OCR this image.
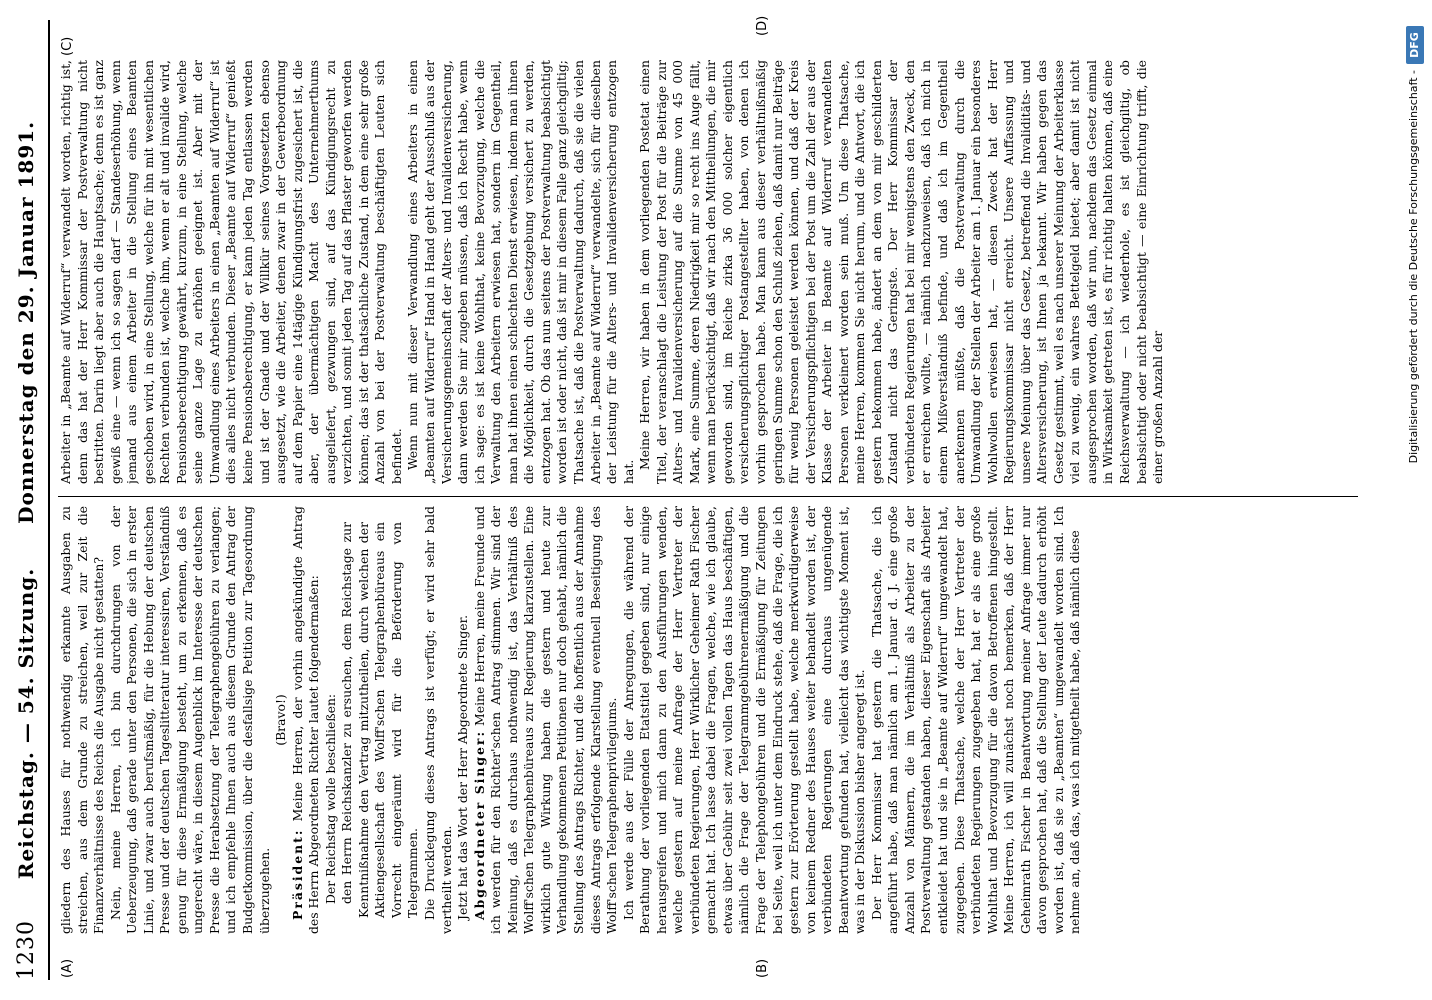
1230
Reichstag. — 54. Sitzung.   Donnerstag den 29. Januar 1891.
(A)	(B)
(C)
(D)

gliedern des Hauses für nothwendig erkannte Ausgaben zu streichen, aus dem Grunde zu streichen, weil zur Zeit die Finanzverhältnisse des Reichs die Ausgabe nicht gestatten? Nein, meine Herren, ich bin durchdrungen von der Ueberzeugung, daß gerade unter den Personen, die sich in erster Linie, und zwar auch berufsmäßig, für die Hebung der deutschen Presse und der deutschen Tageslitteratur interessiren, Verständniß genug für diese Ermäßigung besteht, um zu erkennen, daß es ungerecht wäre, in diesem Augenblick im Interesse der deutschen Presse die Herabsetzung der Telegraphengebühren zu verlangen; und ich empfehle Ihnen auch aus diesem Grunde den Antrag der Budgetkommission, über die desfallsige Petition zur Tagesordnung überzugehen.

(Bravo!)

Präsident: Meine Herren, der vorhin angekündigte Antrag des Herrn Abgeordneten Richter lautet folgendermaßen: Der Reichstag wolle beschließen: den Herrn Reichskanzler zu ersuchen, dem Reichstage zur Kenntnißnahme den Vertrag mitzutheilen, durch welchen der Aktiengesellschaft des Wolff'schen Telegraphenbüreaus ein Vorrecht eingeräumt wird für die Beförderung von Telegrammen. Die Drucklegung dieses Antrags ist verfügt; er wird sehr bald vertheilt werden. Jetzt hat das Wort der Herr Abgeordnete Singer. Abgeordneter Singer: Meine Herren, meine Freunde und ich werden für den Richter'schen Antrag stimmen. Wir sind der Meinung, daß es durchaus nothwendig ist, das Verhältniß des Wolff'schen Telegraphenbüreaus zur Regierung klarzustellen. Eine wirklich gute Wirkung haben die gestern und heute zur Verhandlung gekommenen Petitionen nur doch gehabt, nämlich die Stellung des Antrags Richter, und die hoffentlich aus der Annahme dieses Antrags erfolgende Klarstellung eventuell Beseitigung des Wolff'schen Telegraphenprivilegiums. Ich werde aus der Fülle der Anregungen, die während der Berathung der vorliegenden Etatstitel gegeben sind, nur einige herausgreifen und mich dann zu den Ausführungen wenden, welche gestern auf meine Anfrage der Herr Vertreter der verbündeten Regierungen, Herr Wirklicher Geheimer Rath Fischer gemacht hat. Ich lasse dabei die Fragen, welche, wie ich glaube, etwas über Gebühr seit zwei vollen Tagen das Haus beschäftigen, nämlich die Frage der Telegrammgebührenermäßigung und die Frage der Telephongebühren und die Ermäßigung für Zeitungen bei Seite, weil ich unter dem Eindruck stehe, daß die Frage, die ich gestern zur Erörterung gestellt habe, welche merkwürdigerweise von keinem Redner des Hauses weiter behandelt worden ist, der verbündeten Regierungen eine durchaus ungenügende Beantwortung gefunden hat, vielleicht das wichtigste Moment ist, was in der Diskussion bisher angeregt ist. Der Herr Kommissar hat gestern die Thatsache, die ich angeführt habe, daß man nämlich am 1. Januar d. J. eine große Anzahl von Männern, die im Verhältniß als Arbeiter zu der Postverwaltung gestanden haben, dieser Eigenschaft als Arbeiter entkleidet hat und sie in „Beamte auf Widerruf“ umgewandelt hat, zugegeben. Diese Thatsache, welche der Herr Vertreter der verbündeten Regierungen zugegeben hat, hat er als eine große Wohlthat und Bevorzugung für die davon Betroffenen hingestellt. Meine Herren, ich will zunächst noch bemerken, daß der Herr Geheimrath Fischer in Beantwortung meiner Anfrage immer nur davon gesprochen hat, daß die Stellung der Leute dadurch erhöht worden ist, daß sie zu „Beamten“ umgewandelt worden sind. Ich nehme an, daß das, was ich mitgetheilt habe, daß nämlich diese

Arbeiter in „Beamte auf Widerruf“ verwandelt worden, richtig ist, denn das hat der Herr Kommissar der Postverwaltung nicht bestritten. Darin liegt aber auch die Hauptsache; denn es ist ganz gewiß eine — wenn ich so sagen darf — Standeserhöhung, wenn jemand aus einem Arbeiter in die Stellung eines Beamten geschoben wird, in eine Stellung, welche für ihn mit wesentlichen Rechten verbunden ist, welche ihm, wenn er alt und invalide wird, Pensionsberechtigung gewährt, kurzum, in eine Stellung, welche seine ganze Lage zu erhöhen geeignet ist. Aber mit der Umwandlung eines Arbeiters in einen „Beamten auf Widerruf“ ist dies alles nicht verbunden. Dieser „Beamte auf Widerruf“ genießt keine Pensionsberechtigung, er kann jeden Tag entlassen werden und ist der Gnade und der Willkür seines Vorgesetzten ebenso ausgesetzt, wie die Arbeiter, denen zwar in der Gewerbeordnung auf dem Papier eine 14tägige Kündigungsfrist zugesichert ist, die aber, der übermächtigen Macht des Unternehmerthums ausgeliefert, gezwungen sind, auf das Kündigungsrecht zu verzichten, und somit jeden Tag auf das Pflaster geworfen werden können; das ist der thatsächliche Zustand, in dem eine sehr große Anzahl von bei der Postverwaltung beschäftigten Leuten sich befindet. Wenn nun mit dieser Verwandlung eines Arbeiters in einen „Beamten auf Widerruf“ Hand in Hand geht der Ausschluß aus der Versicherungsgemeinschaft der Alters- und Invalidenversicherung, dann werden Sie mir zugeben müssen, daß ich Recht habe, wenn ich sage: es ist keine Wohlthat, keine Bevorzugung, welche die Verwaltung den Arbeitern erwiesen hat, sondern im Gegentheil, man hat ihnen einen schlechten Dienst erwiesen, indem man ihnen die Möglichkeit, durch die Gesetzgebung versichert zu werden, entzogen hat. Ob das nun seitens der Postverwaltung beabsichtigt worden ist oder nicht, daß ist mir in diesem Falle ganz gleichgiltig; Thatsache ist, daß die Postverwaltung dadurch, daß sie die vielen Arbeiter in „Beamte auf Widerruf“ verwandelte, sich für dieselben der Leistung für die Alters- und Invalidenversicherung entzogen hat.

Meine Herren, wir haben in dem vorliegenden Postetat einen Titel, der veranschlagt die Leistung der Post für die Beiträge zur Alters- und Invalidenversicherung auf die Summe von 45 000 Mark, eine Summe, deren Niedrigkeit mir so recht ins Auge fällt, wenn man berücksichtigt, daß wir nach den Mittheilungen, die mir geworden sind, im Reiche zirka 36 000 solcher eigentlich versicherungspflichtiger Postangestellter haben, von denen ich vorhin gesprochen habe. Man kann aus dieser verhältnißmäßig geringen Summe schon den Schluß ziehen, daß damit nur Beiträge für wenig Personen geleistet werden können, und daß der Kreis der Versicherungspflichtigen bei der Post um die Zahl der aus der Klasse der Arbeiter in Beamte auf Widerruf verwandelten Personen verkleinert worden sein muß. Um diese Thatsache, meine Herren, kommen Sie nicht herum, und die Antwort, die ich gestern bekommen habe, ändert an dem von mir geschilderten Zustand nicht das Geringste. Der Herr Kommissar der verbündeten Regierungen hat bei mir wenigstens den Zweck, den er erreichen wollte, — nämlich nachzuweisen, daß ich mich in einem Mißverständniß befinde, und daß ich im Gegentheil anerkennen müßte, daß die Postverwaltung durch die Umwandlung der Stellen der Arbeiter am 1. Januar ein besonderes Wohlwollen erwiesen hat, — diesen Zweck hat der Herr Regierungskommissar nicht erreicht. Unsere Auffassung und unsere Meinung über das Gesetz, betreffend die Invaliditäts- und Altersversicherung, ist Ihnen ja bekannt. Wir haben gegen das Gesetz gestimmt, weil es nach unserer Meinung der Arbeiterklasse viel zu wenig, ein wahres Bettelgeld bietet; aber damit ist nicht ausgesprochen worden, daß wir nun, nachdem das Gesetz einmal in Wirksamkeit getreten ist, es für richtig halten können, daß eine Reichsverwaltung — ich wiederhole, es ist gleichgiltig, ob beabsichtigt oder nicht beabsichtigt — eine Einrichtung trifft, die einer großen Anzahl der	Digitalisierung gefördert durch die Deutsche Forschungsgemeinschaft -
DFG
